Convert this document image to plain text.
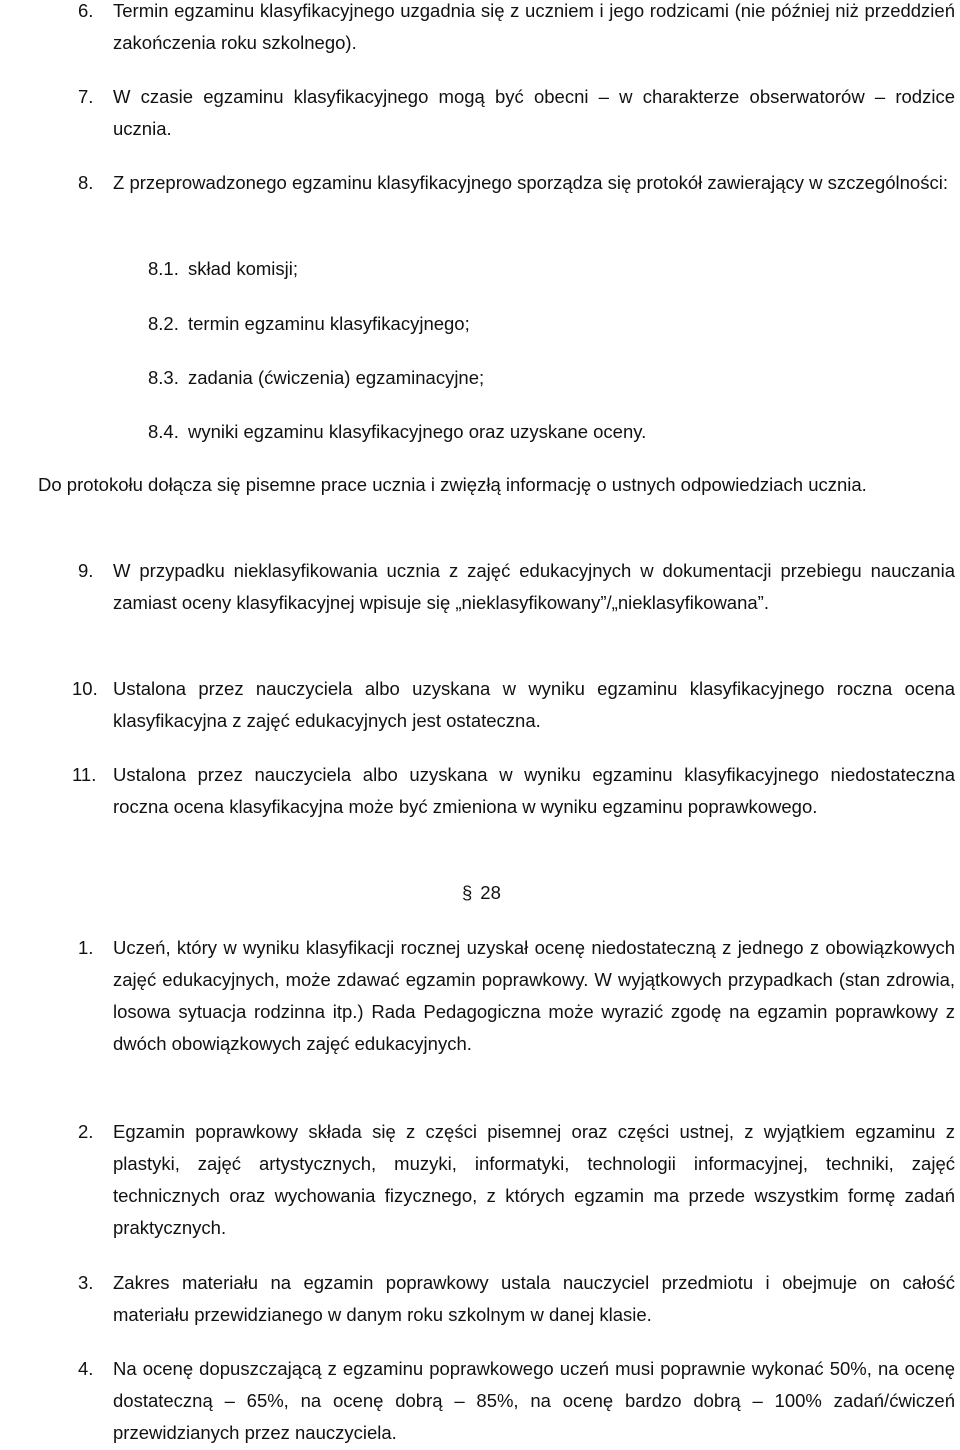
6. Termin egzaminu klasyfikacyjnego uzgadnia się z uczniem i jego rodzicami (nie później niż przeddzień zakończenia roku szkolnego).
7. W czasie egzaminu klasyfikacyjnego mogą być obecni – w charakterze obserwatorów – rodzice ucznia.
8. Z przeprowadzonego egzaminu klasyfikacyjnego sporządza się protokół zawierający w szczególności:
8.1. skład komisji;
8.2. termin egzaminu klasyfikacyjnego;
8.3. zadania (ćwiczenia) egzaminacyjne;
8.4. wyniki egzaminu klasyfikacyjnego oraz uzyskane oceny.
Do protokołu dołącza się pisemne prace ucznia i zwięzłą informację o ustnych odpowiedziach ucznia.
9. W przypadku nieklasyfikowania ucznia z zajęć edukacyjnych w dokumentacji przebiegu nauczania zamiast oceny klasyfikacyjnej wpisuje się „nieklasyfikowany”/„nieklasyfikowana”.
10. Ustalona przez nauczyciela albo uzyskana w wyniku egzaminu klasyfikacyjnego roczna ocena klasyfikacyjna z zajęć edukacyjnych jest ostateczna.
11. Ustalona przez nauczyciela albo uzyskana w wyniku egzaminu klasyfikacyjnego niedostateczna roczna ocena klasyfikacyjna może być zmieniona w wyniku egzaminu poprawkowego.
§ 28
1. Uczeń, który w wyniku klasyfikacji rocznej uzyskał ocenę niedostateczną z jednego z obowiązkowych zajęć edukacyjnych, może zdawać egzamin poprawkowy. W wyjątkowych przypadkach (stan zdrowia, losowa sytuacja rodzinna itp.) Rada Pedagogiczna może wyrazić zgodę na egzamin poprawkowy z dwóch obowiązkowych zajęć edukacyjnych.
2. Egzamin poprawkowy składa się z części pisemnej oraz części ustnej, z wyjątkiem egzaminu z plastyki, zajęć artystycznych, muzyki, informatyki, technologii informacyjnej, techniki, zajęć technicznych oraz wychowania fizycznego, z których egzamin ma przede wszystkim formę zadań praktycznych.
3. Zakres materiału na egzamin poprawkowy ustala nauczyciel przedmiotu i obejmuje on całość materiału przewidzianego w danym roku szkolnym w danej klasie.
4. Na ocenę dopuszczającą z egzaminu poprawkowego uczeń musi poprawnie wykonać 50%, na ocenę dostateczną – 65%, na ocenę dobrą – 85%, na ocenę bardzo dobrą – 100% zadań/ćwiczeń przewidzianych przez nauczyciela.
